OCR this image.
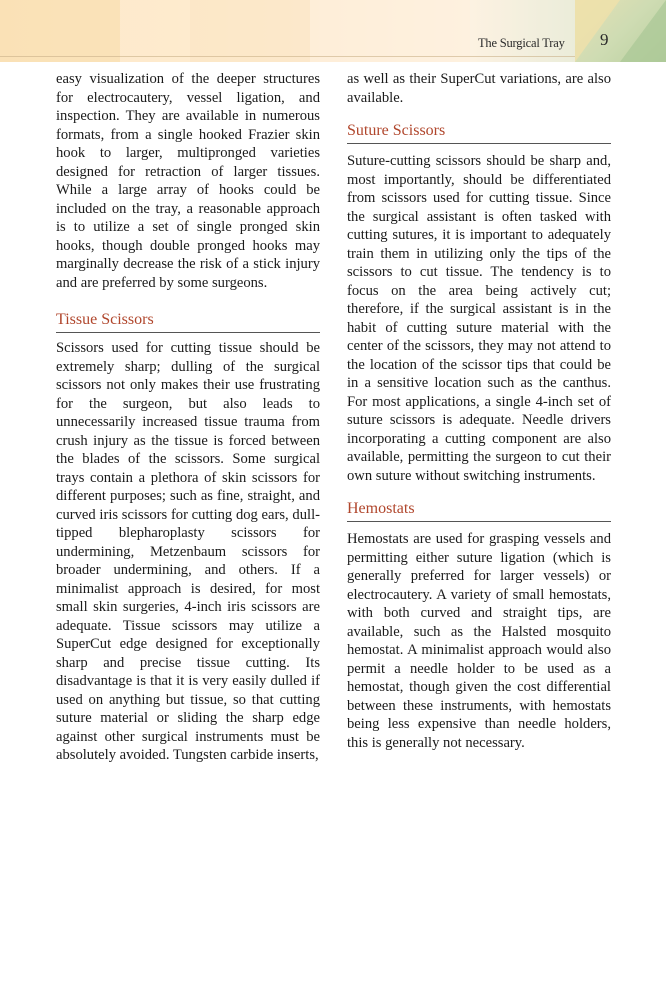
The Surgical Tray 9

easy visualization of the deeper structures for electrocautery, vessel ligation, and inspection. They are available in numerous formats, from a single hooked Frazier skin hook to larger, multipronged varieties designed for retraction of larger tissues. While a large array of hooks could be included on the tray, a reasonable approach is to utilize a set of single pronged skin hooks, though double pronged hooks may marginally decrease the risk of a stick injury and are preferred by some surgeons.

Tissue Scissors

Scissors used for cutting tissue should be extremely sharp; dulling of the surgical scissors not only makes their use frustrating for the surgeon, but also leads to unnecessarily increased tissue trauma from crush injury as the tissue is forced between the blades of the scissors. Some surgical trays contain a plethora of skin scissors for different purposes; such as fine, straight, and curved iris scissors for cutting dog ears, dull-tipped blepharoplasty scissors for undermining, Metzenbaum scissors for broader undermining, and others. If a minimalist approach is desired, for most small skin surgeries, 4-inch iris scissors are adequate. Tissue scissors may utilize a SuperCut edge designed for exceptionally sharp and precise tissue cutting. Its disadvantage is that it is very easily dulled if used on anything but tissue, so that cutting suture material or sliding the sharp edge against other surgical instruments must be absolutely avoided. Tungsten carbide inserts,

as well as their SuperCut variations, are also available.

Suture Scissors

Suture-cutting scissors should be sharp and, most importantly, should be differentiated from scissors used for cutting tissue. Since the surgical assistant is often tasked with cutting sutures, it is important to adequately train them in utilizing only the tips of the scissors to cut tissue. The tendency is to focus on the area being actively cut; therefore, if the surgical assistant is in the habit of cutting suture material with the center of the scissors, they may not attend to the location of the scissor tips that could be in a sensitive location such as the canthus. For most applications, a single 4-inch set of suture scissors is adequate. Needle drivers incorporating a cutting component are also available, permitting the surgeon to cut their own suture without switching instruments.

Hemostats

Hemostats are used for grasping vessels and permitting either suture ligation (which is generally preferred for larger vessels) or electrocautery. A variety of small hemostats, with both curved and straight tips, are available, such as the Halsted mosquito hemostat. A minimalist approach would also permit a needle holder to be used as a hemostat, though given the cost differential between these instruments, with hemostats being less expensive than needle holders, this is generally not necessary.
